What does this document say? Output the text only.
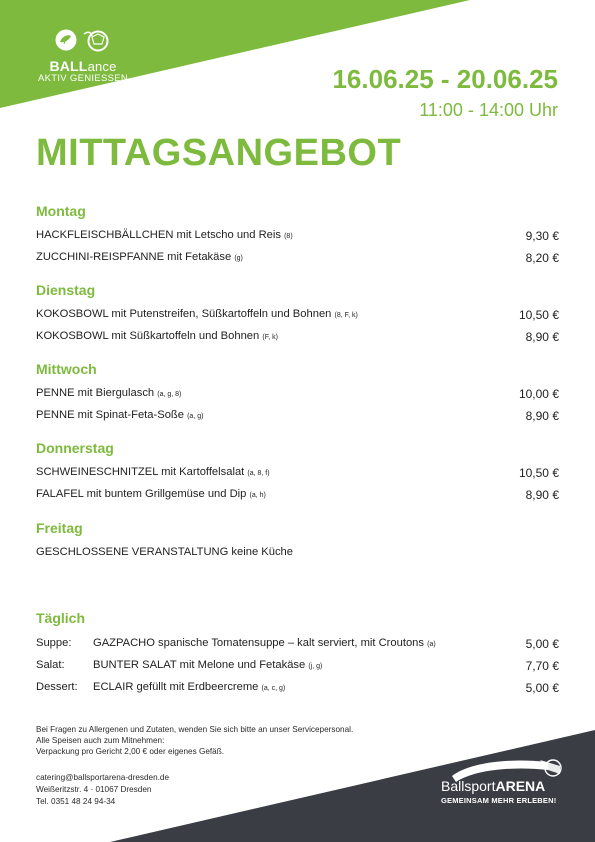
BALLance
AKTIV GENIESSEN	16.06.25 - 20.06.25
11:00 - 14:00 Uhr
MITTAGSANGEBOT
Montag
HACKFLEISCHBÄLLCHEN mit Letscho und Reis (8)	9,30 €
ZUCCHINI-REISPFANNE mit Fetakäse (g)	8,20 €
Dienstag
KOKOSBOWL mit Putenstreifen, Süßkartoffeln und Bohnen (8, F, k)	10,50 €
KOKOSBOWL mit Süßkartoffeln und Bohnen (F, k)	8,90 €
Mittwoch
PENNE mit Biergulasch (a, g, 8)	10,00 €
PENNE mit Spinat-Feta-Soße (a, g)	8,90 €
Donnerstag
SCHWEINESCHNITZEL mit Kartoffelsalat (a, 8, f)	10,50 €
FALAFEL mit buntem Grillgemüse und Dip (a, h)	8,90 €
Freitag
GESCHLOSSENE VERANSTALTUNG keine Küche
Täglich
Suppe: GAZPACHO spanische Tomatensuppe – kalt serviert, mit Croutons (a)	5,00 €
Salat:	BUNTER SALAT mit Melone und Fetakäse (j, g)	7,70 €
Dessert: ECLAIR gefüllt mit Erdbeercreme (a, c, g)	5,00 €
Bei Fragen zu Allergenen und Zutaten, wenden Sie sich bitte an unser Servicepersonal.
Alle Speisen auch zum Mitnehmen:
Verpackung pro Gericht 2,00 € oder eigenes Gefäß.
catering@ballsportarena-dresden.de
Weißeritzstr. 4 · 01067 Dresden
Tel. 0351 48 24 94-34
BallsportARENA
GEMEINSAM MEHR ERLEBEN!
